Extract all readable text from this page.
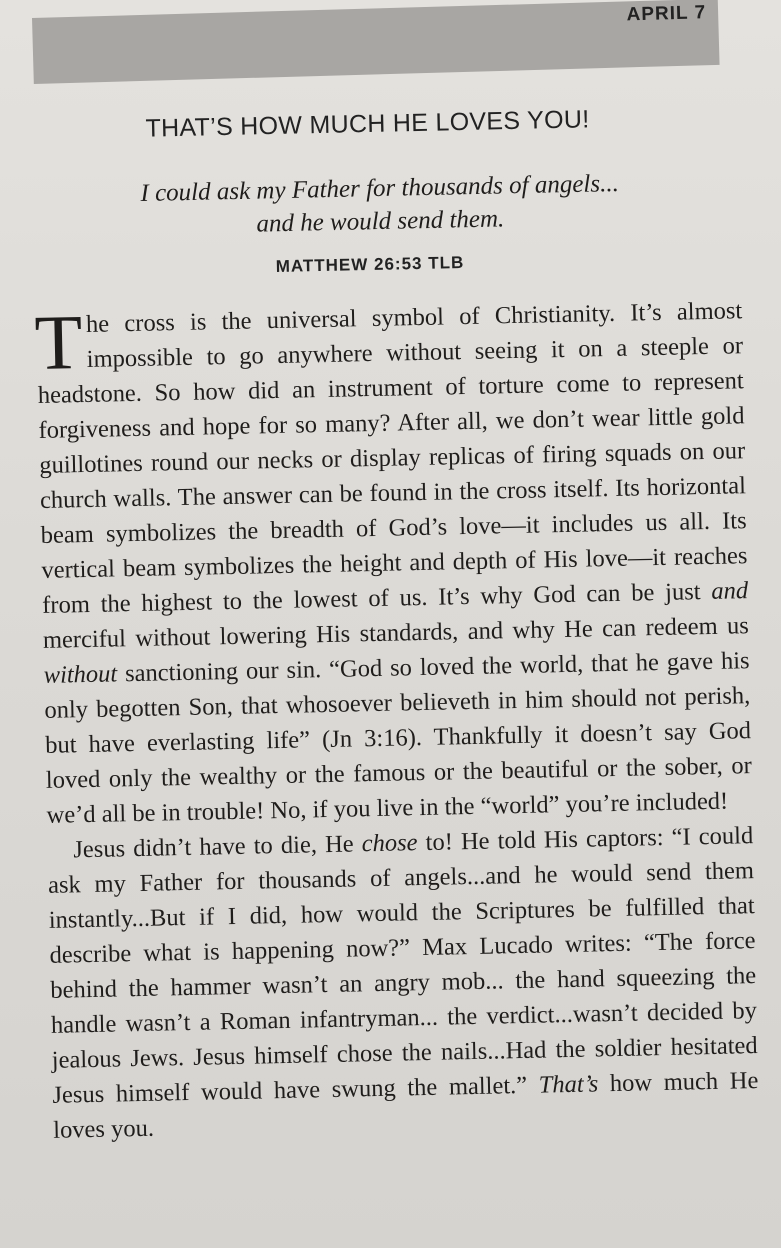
APRIL 7
THAT’S HOW MUCH HE LOVES YOU!
I could ask my Father for thousands of angels...
and he would send them.
MATTHEW 26:53 TLB

The cross is the universal symbol of Christianity. It’s almost impossible to go anywhere without seeing it on a steeple or headstone. So how did an instrument of torture come to represent forgiveness and hope for so many? After all, we don’t wear little gold guillotines round our necks or display replicas of firing squads on our church walls. The answer can be found in the cross itself. Its horizontal beam symbolizes the breadth of God’s love—it includes us all. Its vertical beam symbolizes the height and depth of His love—it reaches from the highest to the lowest of us. It’s why God can be just and merciful without lowering His standards, and why He can redeem us without sanctioning our sin. “God so loved the world, that he gave his only begotten Son, that whosoever believeth in him should not perish, but have everlasting life” (Jn 3:16). Thankfully it doesn’t say God loved only the wealthy or the famous or the beautiful or the sober, or we’d all be in trouble! No, if you live in the “world” you’re included!

Jesus didn’t have to die, He chose to! He told His captors: “I could ask my Father for thousands of angels...and he would send them instantly...But if I did, how would the Scriptures be fulfilled that describe what is happening now?” Max Lucado writes: “The force behind the hammer wasn’t an angry mob... the hand squeezing the handle wasn’t a Roman infantryman... the verdict...wasn’t decided by jealous Jews. Jesus himself chose the nails...Had the soldier hesitated Jesus himself would have swung the mallet.” That’s how much He loves you.
